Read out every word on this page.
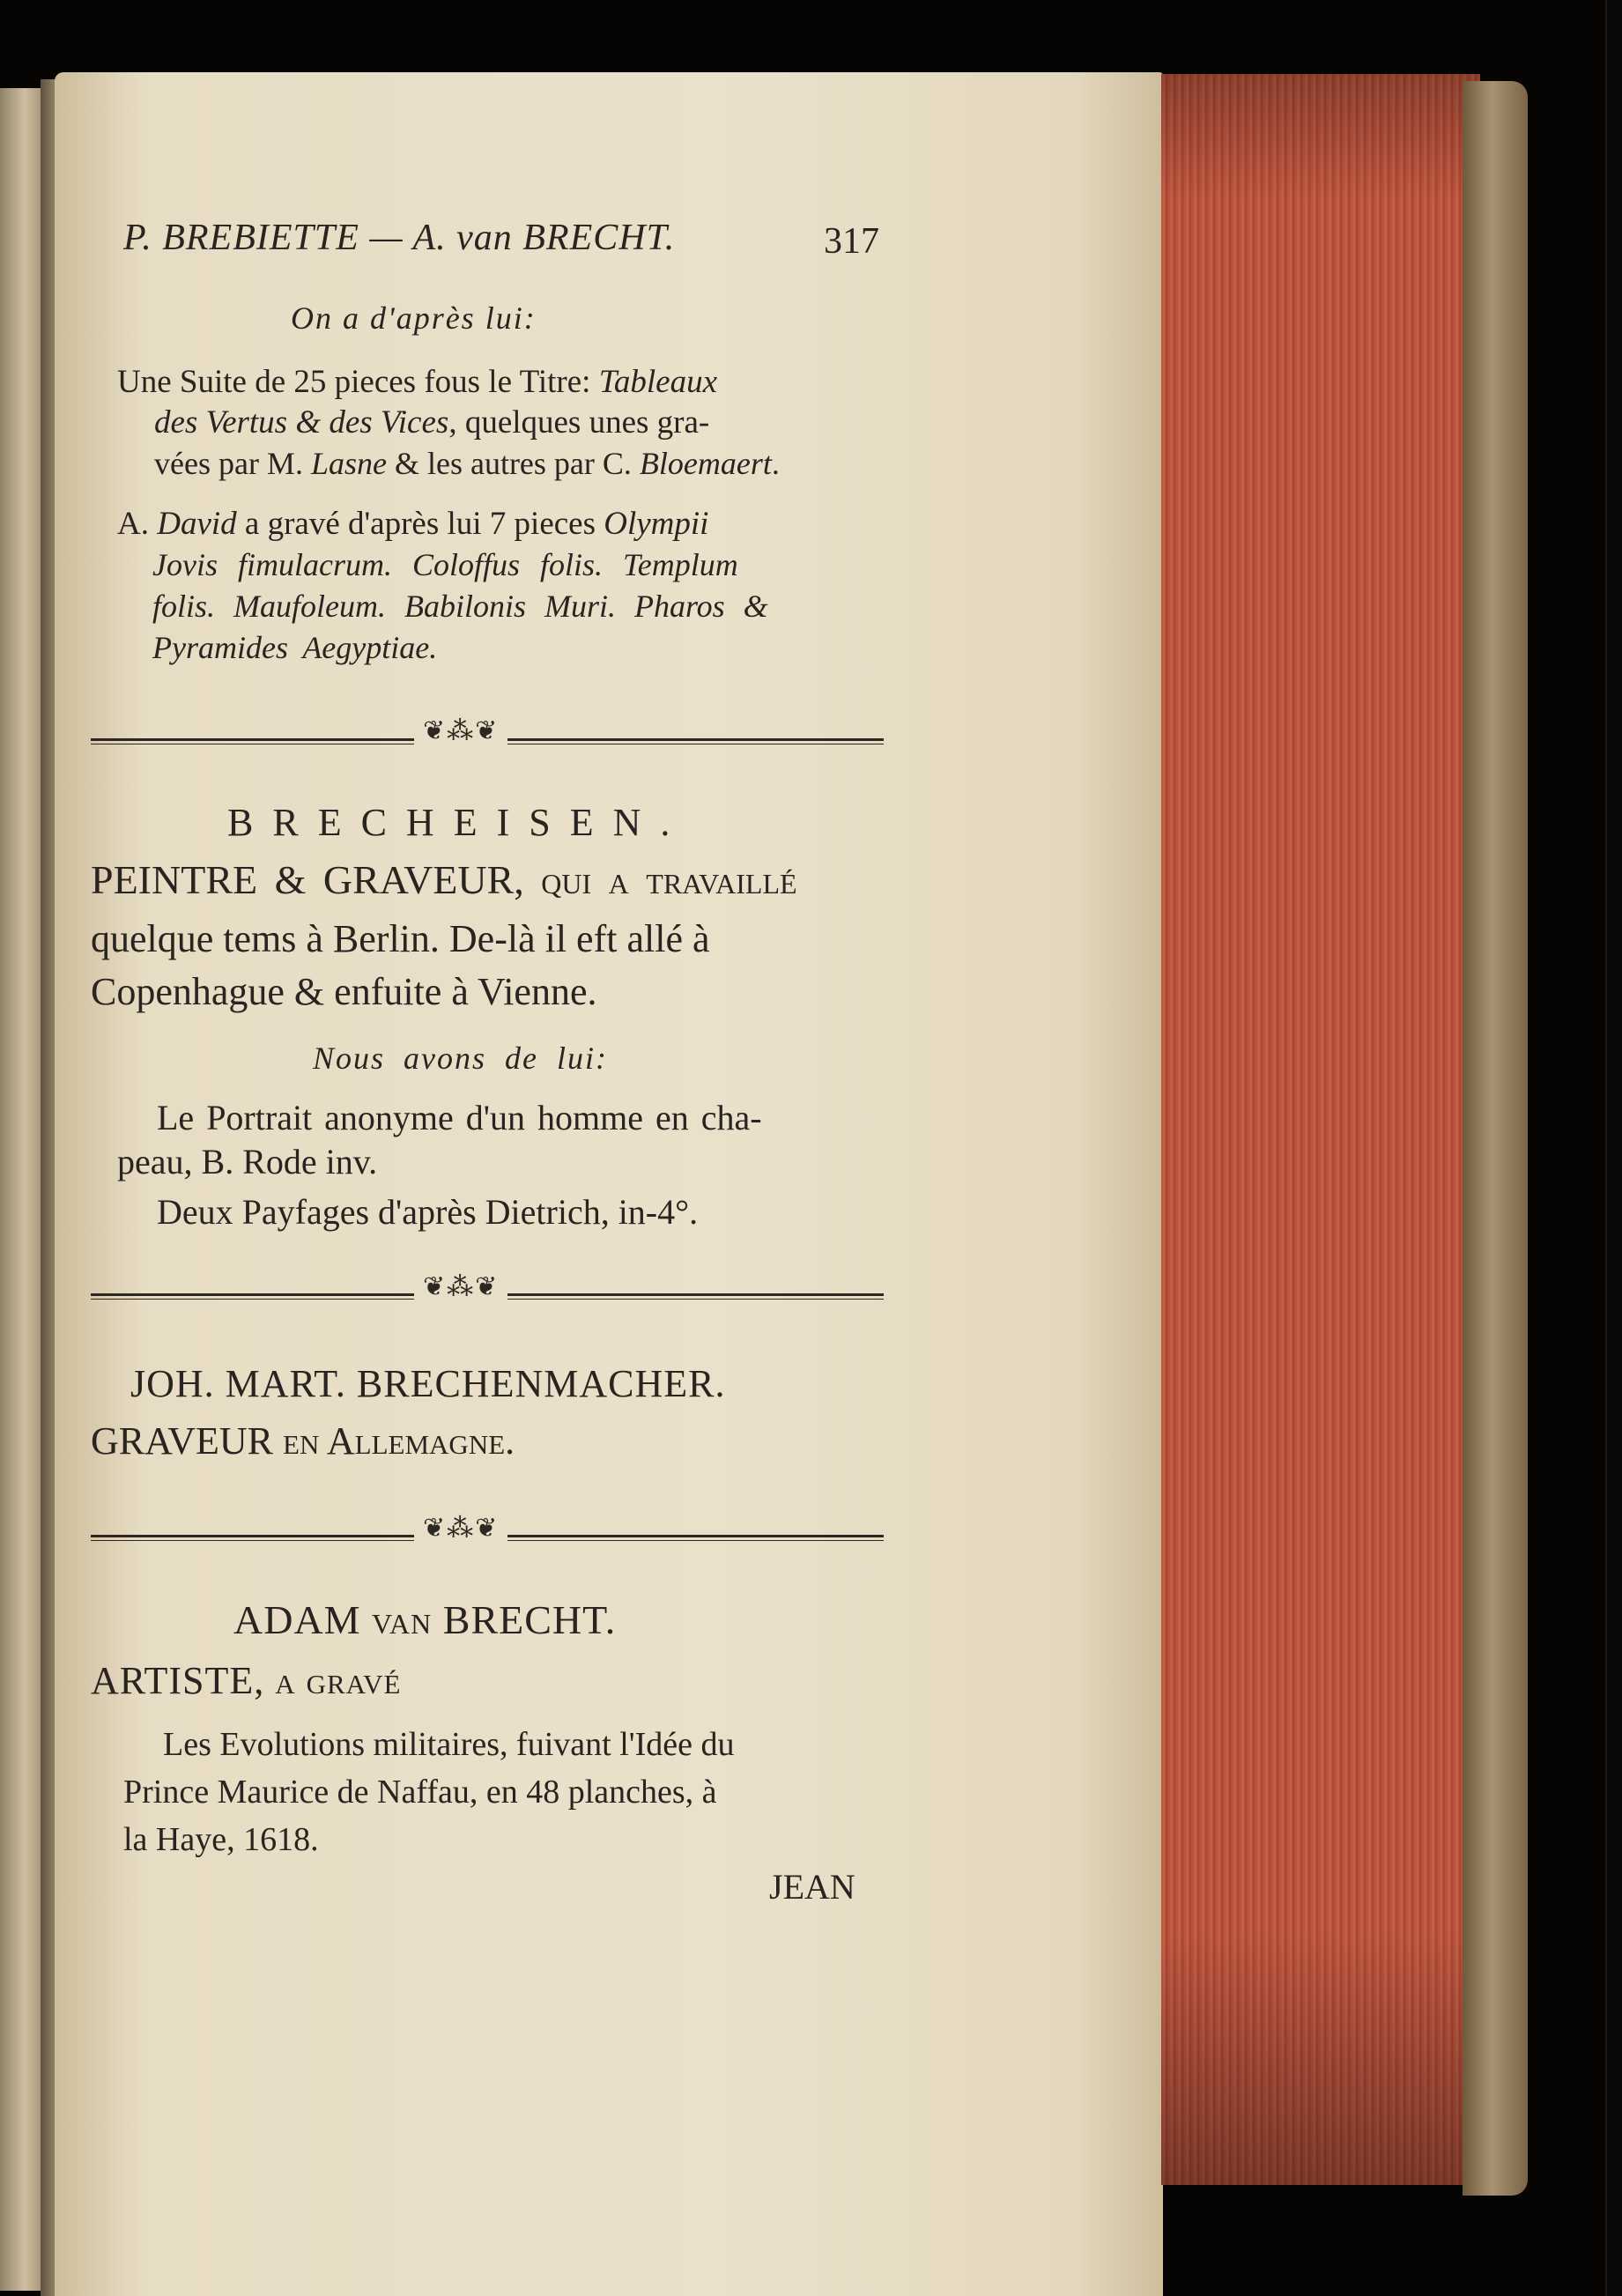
P. BREBIETTE — A. van BRECHT.	317
On a d'après lui:
Une Suite de 25 pieces fous le Titre: Tableaux
des Vertus & des Vices, quelques unes gra-
vées par M. Lasne & les autres par C. Bloemaert.
A. David a gravé d'après lui 7 pieces Olympii
Jovis fimulacrum. Coloffus folis. Templum
folis. Maufoleum. Babilonis Muri. Pharos &
Pyramides Aegyptiae.
❦⁂❦
BRECHEISEN.
PEINTRE & GRAVEUR, qui a travaillé
quelque tems à Berlin. De-là il eft allé à
Copenhague & enfuite à Vienne.
Nous avons de lui:
Le Portrait anonyme d'un homme en cha-
peau, B. Rode inv.
Deux Payfages d'après Dietrich, in-4°.
❦⁂❦
JOH. MART. BRECHENMACHER.
GRAVEUR en Allemagne.
❦⁂❦
ADAM van BRECHT.
ARTISTE, a gravé
Les Evolutions militaires, fuivant l'Idée du
Prince Maurice de Naffau, en 48 planches, à
la Haye, 1618.
JEAN
